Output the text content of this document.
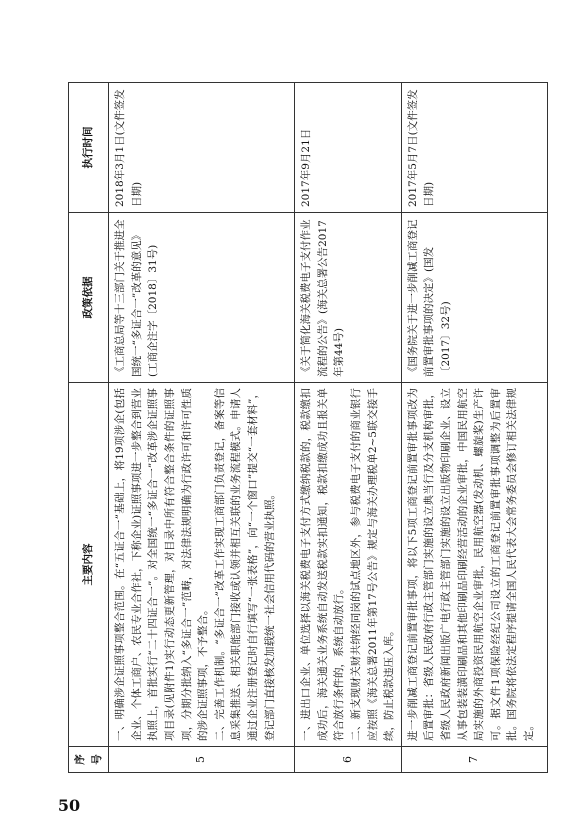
50
序号	主要内容	政策依据	执行时间
5	一、明确涉企证照事项整合范围。在“五证合一”基础上，将19项涉企(包括企业、个体工商户、农民专业合作社，下称企业)证照事项进一步整合到营业执照上，首批实行“二十四证合一”。对全国统一“多证合一”改革涉企证照事项目录(见附件1)实行动态更新管理，对目录中所有符合整合条件的证照事项，分期分批纳入“多证合一”范畴，对法律法规明确为行政许可和许可性质的涉企证照事项，不予整合。 二、完善工作机制。“多证合一”改革工作实现工商部门负责登记，备案等信息采集推送、相关职能部门接收或认领并相互关联的业务流程模式。申请人通过企业注册登记时自行填写“一张表格”，向“一个窗口”提交“一套材料”，登记部门直接核发加载统一社会信用代码的营业执照。	《工商总局等十三部门关于推进全国统一“多证合一”改革的意见》(工商企注字〔2018〕31号)	2018年3月1日(文件签发日期)
6	一、进出口企业、单位选择以海关税费电子支付方式缴纳税款的，税款缴扣成功后，海关通关业务系统自动发送税款实扣通知，税款扣缴成功且报关单符合放行条件的，系统自动放行。 二、新支现财关财共纳经同岗的试点地区外，参与税费电子支付的商业银行应按照《海关总署2011年第17号公告》规定与海关办理税单2~5联交接手续，防止税款违压入库。	《关于简化海关税费电子支付作业流程的公告》(海关总署公告2017年第44号)	2017年9月21日
7	进一步削减工商登记前置审批事项，将以下5项工商登记前置审批事项改为后置审批：省级人民政府行政主管部门实施的设立典当行及分支机构审批，省级人民政府新闻出版广电行政主管部门实施的设立出版物印刷企业、设立从事包装装潢印刷品和其他印刷品印刷经营活动的企业审批，中国民用航空局实施的外商投资民用航空企业审批，民用航空器(发动机、螺旋桨)生产许可。据文件1项保险经纪公司设立的工商登记前置审批事项调整为后置审批。国务院将依法定程序提请全国人民代表大会常务委员会修订相关法律规定。	《国务院关于进一步削减工商登记前置审批事项的决定》(国发〔2017〕32号)	2017年5月7日(文件签发日期)
